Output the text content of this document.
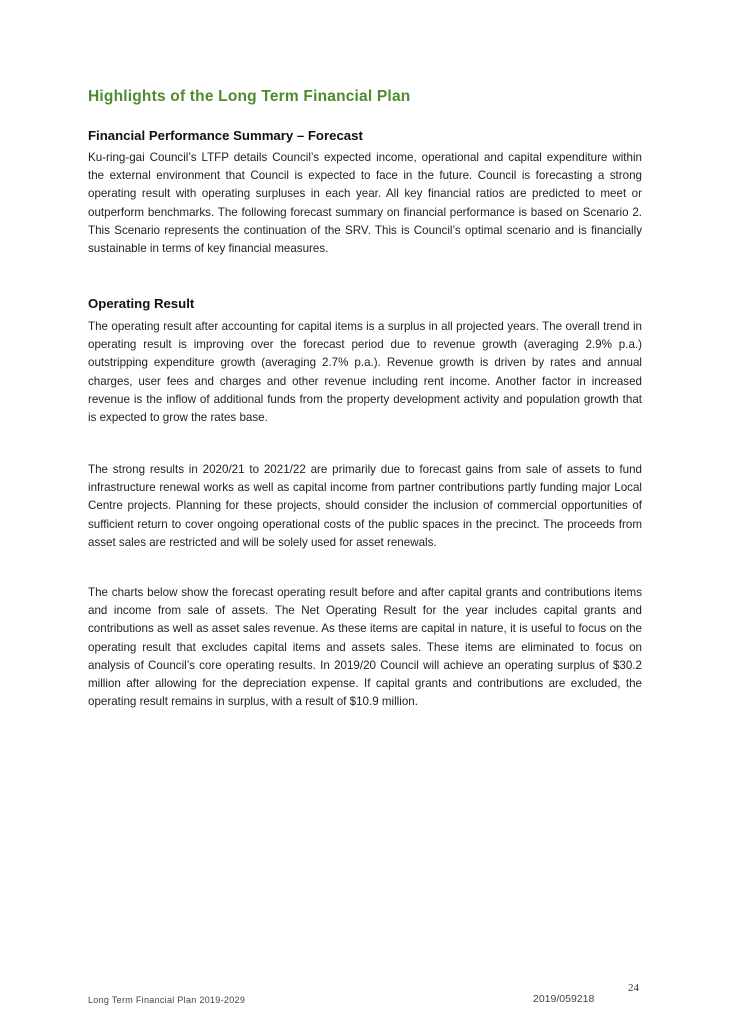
Highlights of the Long Term Financial Plan
Financial Performance Summary – Forecast

Ku-ring-gai Council’s LTFP details Council’s expected income, operational and capital expenditure within the external environment that Council is expected to face in the future. Council is forecasting a strong operating result with operating surpluses in each year. All key financial ratios are predicted to meet or outperform benchmarks. The following forecast summary on financial performance is based on Scenario 2. This Scenario represents the continuation of the SRV. This is Council’s optimal scenario and is financially sustainable in terms of key financial measures.

Operating Result

The operating result after accounting for capital items is a surplus in all projected years. The overall trend in operating result is improving over the forecast period due to revenue growth (averaging 2.9% p.a.) outstripping expenditure growth (averaging 2.7% p.a.). Revenue growth is driven by rates and annual charges, user fees and charges and other revenue including rent income. Another factor in increased revenue is the inflow of additional funds from the property development activity and population growth that is expected to grow the rates base.

The strong results in 2020/21 to 2021/22 are primarily due to forecast gains from sale of assets to fund infrastructure renewal works as well as capital income from partner contributions partly funding major Local Centre projects. Planning for these projects, should consider the inclusion of commercial opportunities of sufficient return to cover ongoing operational costs of the public spaces in the precinct. The proceeds from asset sales are restricted and will be solely used for asset renewals.

The charts below show the forecast operating result before and after capital grants and contributions items and income from sale of assets. The Net Operating Result for the year includes capital grants and contributions as well as asset sales revenue. As these items are capital in nature, it is useful to focus on the operating result that excludes capital items and assets sales. These items are eliminated to focus on analysis of Council’s core operating results. In 2019/20 Council will achieve an operating surplus of $30.2 million after allowing for the depreciation expense. If capital grants and contributions are excluded, the operating result remains in surplus, with a result of $10.9 million.

24
Long Term Financial Plan 2019-2029	2019/059218
